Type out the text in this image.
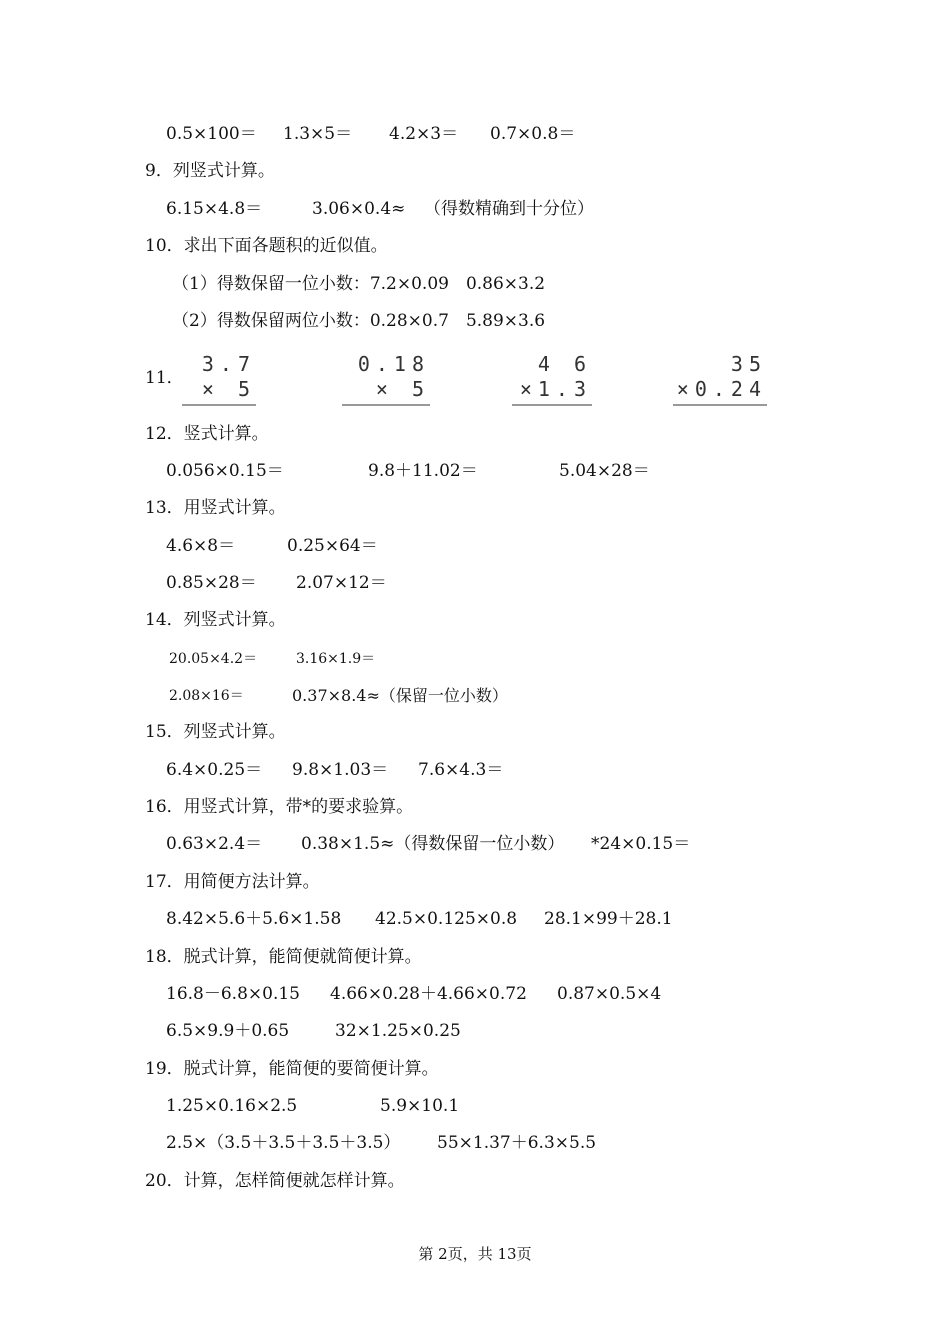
0.5×100＝ 1.3×5＝ 4.2×3＝ 0.7×0.8＝
9．列竖式计算。
6.15×4.8＝	3.06×0.4≈ （得数精确到十分位）
10．求出下面各题积的近似值。
（1）得数保留一位小数：7.2×0.09　0.86×3.2
（2）得数保留两位小数：0.28×0.7　5.89×3.6
11．
3.7
× 5
0.18
× 5
4 6
×1.3
35
×0.24
12．竖式计算。
0.056×0.15＝	9.8＋11.02＝	5.04×28＝
13．用竖式计算。
4.6×8＝	0.25×64＝
0.85×28＝ 2.07×12＝
14．列竖式计算。
20.05×4.2＝	3.16×1.9＝
2.08×16＝	0.37×8.4≈（保留一位小数）
15．列竖式计算。
6.4×0.25＝ 9.8×1.03＝ 7.6×4.3＝
16．用竖式计算，带*的要求验算。
0.63×2.4＝ 0.38×1.5≈（得数保留一位小数） *24×0.15＝
17．用简便方法计算。
8.42×5.6＋5.6×1.58 42.5×0.125×0.8 28.1×99＋28.1
18．脱式计算，能简便就简便计算。
16.8－6.8×0.15 4.66×0.28＋4.66×0.72 0.87×0.5×4
6.5×9.9＋0.65	32×1.25×0.25
19．脱式计算，能简便的要简便计算。
1.25×0.16×2.5	5.9×10.1
2.5×（3.5＋3.5＋3.5＋3.5） 55×1.37＋6.3×5.5
20．计算，怎样简便就怎样计算。
第 2页，共 13页
